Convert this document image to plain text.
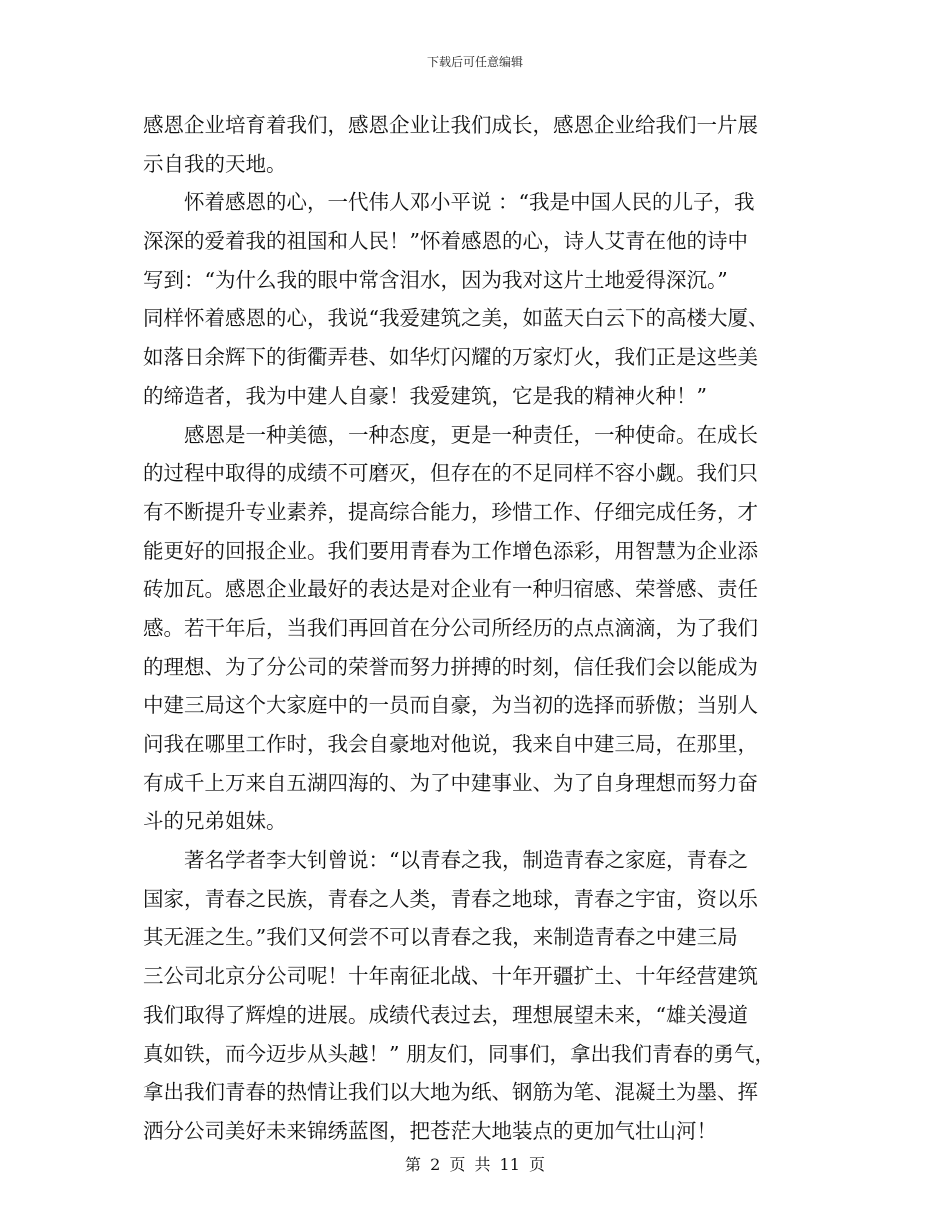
下载后可任意编辑
感恩企业培育着我们，感恩企业让我们成长，感恩企业给我们一片展
示自我的天地。
　　怀着感恩的心，一代伟人邓小平说 ：“我是中国人民的儿子，我
深深的爱着我的祖国和人民！”怀着感恩的心，诗人艾青在他的诗中
写到：“为什么我的眼中常含泪水，因为我对这片土地爱得深沉。”
同样怀着感恩的心，我说“我爱建筑之美，如蓝天白云下的高楼大厦、
如落日余辉下的街衢弄巷、如华灯闪耀的万家灯火，我们正是这些美
的缔造者，我为中建人自豪！我爱建筑，它是我的精神火种！”
　　感恩是一种美德，一种态度，更是一种责任，一种使命。在成长
的过程中取得的成绩不可磨灭，但存在的不足同样不容小觑。我们只
有不断提升专业素养，提高综合能力，珍惜工作、仔细完成任务，才
能更好的回报企业。我们要用青春为工作增色添彩，用智慧为企业添
砖加瓦。感恩企业最好的表达是对企业有一种归宿感、荣誉感、责任
感。若干年后，当我们再回首在分公司所经历的点点滴滴，为了我们
的理想、为了分公司的荣誉而努力拼搏的时刻，信任我们会以能成为
中建三局这个大家庭中的一员而自豪，为当初的选择而骄傲；当别人
问我在哪里工作时，我会自豪地对他说，我来自中建三局，在那里，
有成千上万来自五湖四海的、为了中建事业、为了自身理想而努力奋
斗的兄弟姐妹。
　　著名学者李大钊曾说：“以青春之我，制造青春之家庭，青春之
国家，青春之民族，青春之人类，青春之地球，青春之宇宙，资以乐
其无涯之生。”我们又何尝不可以青春之我，来制造青春之中建三局
三公司北京分公司呢！十年南征北战、十年开疆扩土、十年经营建筑
我们取得了辉煌的进展。成绩代表过去，理想展望未来，“雄关漫道
真如铁，而今迈步从头越！” 朋友们，同事们，拿出我们青春的勇气，
拿出我们青春的热情让我们以大地为纸、钢筋为笔、混凝土为墨、挥
洒分公司美好未来锦绣蓝图，把苍茫大地装点的更加气壮山河！
第 2 页 共 11 页
